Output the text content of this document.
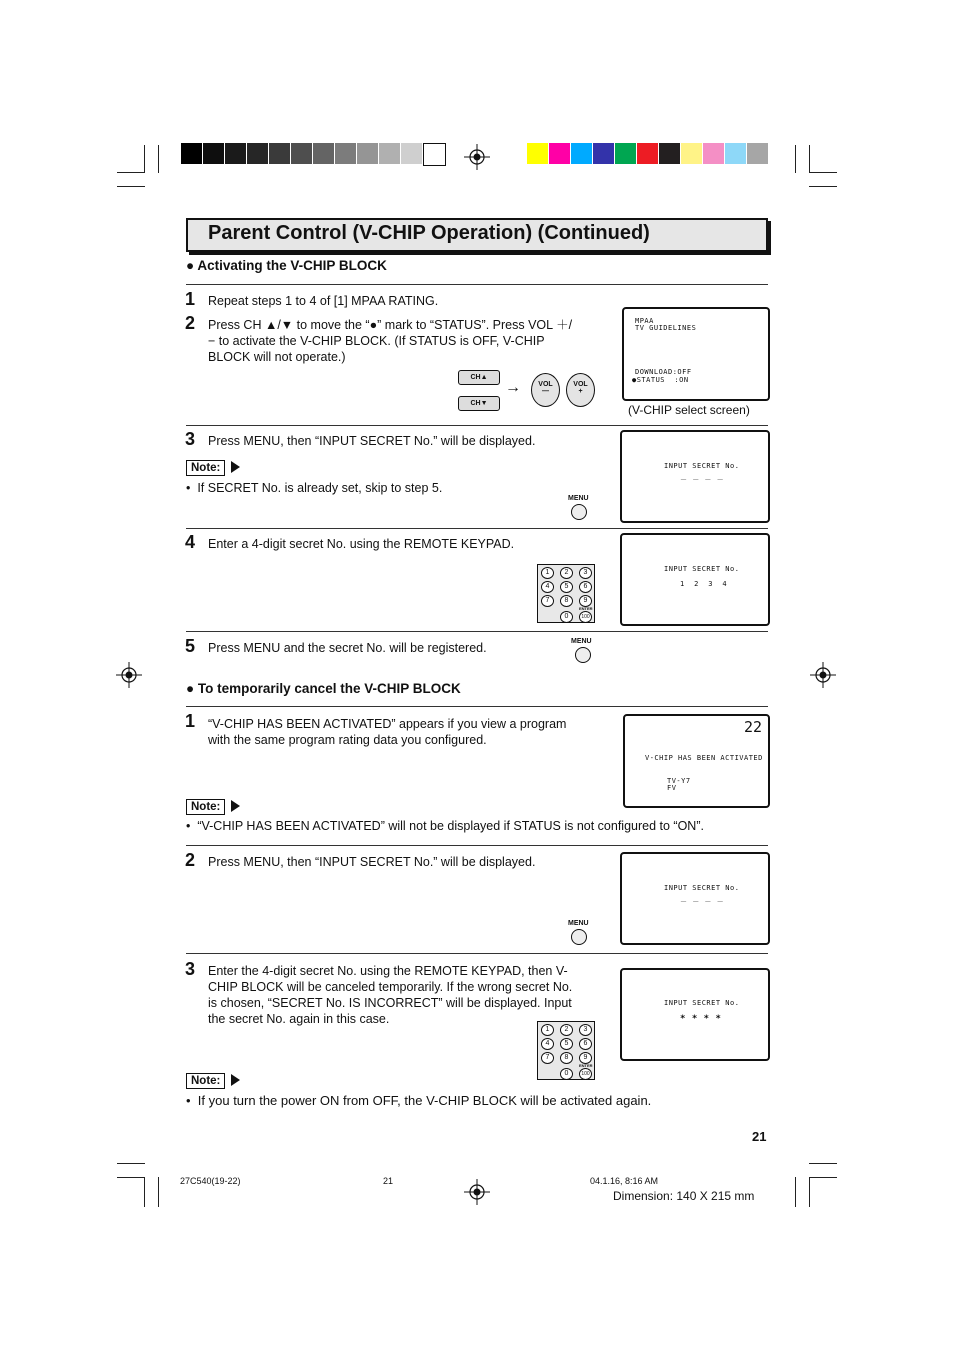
Parent Control (V-CHIP Operation) (Continued)
● Activating the V-CHIP BLOCK
1 Repeat steps 1 to 4 of [1] MPAA RATING.
2 Press CH ▲/▼ to move the “●” mark to “STATUS”. Press VOL ＋/
− to activate the V-CHIP BLOCK. (If STATUS is OFF, V-CHIP
BLOCK will not operate.)
CH▲
CH▼
→	VOL
—
VOL
+
MPAA
TV GUIDELINES
DOWNLOAD:OFF
●STATUS  :ON
(V-CHIP select screen)
3 Press MENU, then “INPUT SECRET No.” will be displayed.
Note:
•  If SECRET No. is already set, skip to step 5.
MENU
INPUT SECRET No.
－ － － －
4 Enter a 4-digit secret No. using the REMOTE KEYPAD.
1	2	3
4	5	6
7	8	9
0	100
ENTER
INPUT SECRET No.
1  2  3  4
5 Press MENU and the secret No. will be registered.	MENU
● To temporarily cancel the V-CHIP BLOCK
1 “V-CHIP HAS BEEN ACTIVATED” appears if you view a program
with the same program rating data you configured.
22
V-CHIP HAS BEEN ACTIVATED
TV-Y7
FV
Note:
•  “V-CHIP HAS BEEN ACTIVATED” will not be displayed if STATUS is not configured to “ON”.
2 Press MENU, then “INPUT SECRET No.” will be displayed.
MENU
INPUT SECRET No.
－ － － －
3 Enter the 4-digit secret No. using the REMOTE KEYPAD, then V-
CHIP BLOCK will be canceled temporarily. If the wrong secret No.
is chosen, “SECRET No. IS INCORRECT” will be displayed. Input
the secret No. again in this case.
1	2	3
4	5	6
7	8	9
0	100
ENTER
INPUT SECRET No.
* * * *
Note:
•  If you turn the power ON from OFF, the V-CHIP BLOCK will be activated again.
21
27C540(19-22)	21	04.1.16, 8:16 AM
Dimension: 140 X 215 mm
